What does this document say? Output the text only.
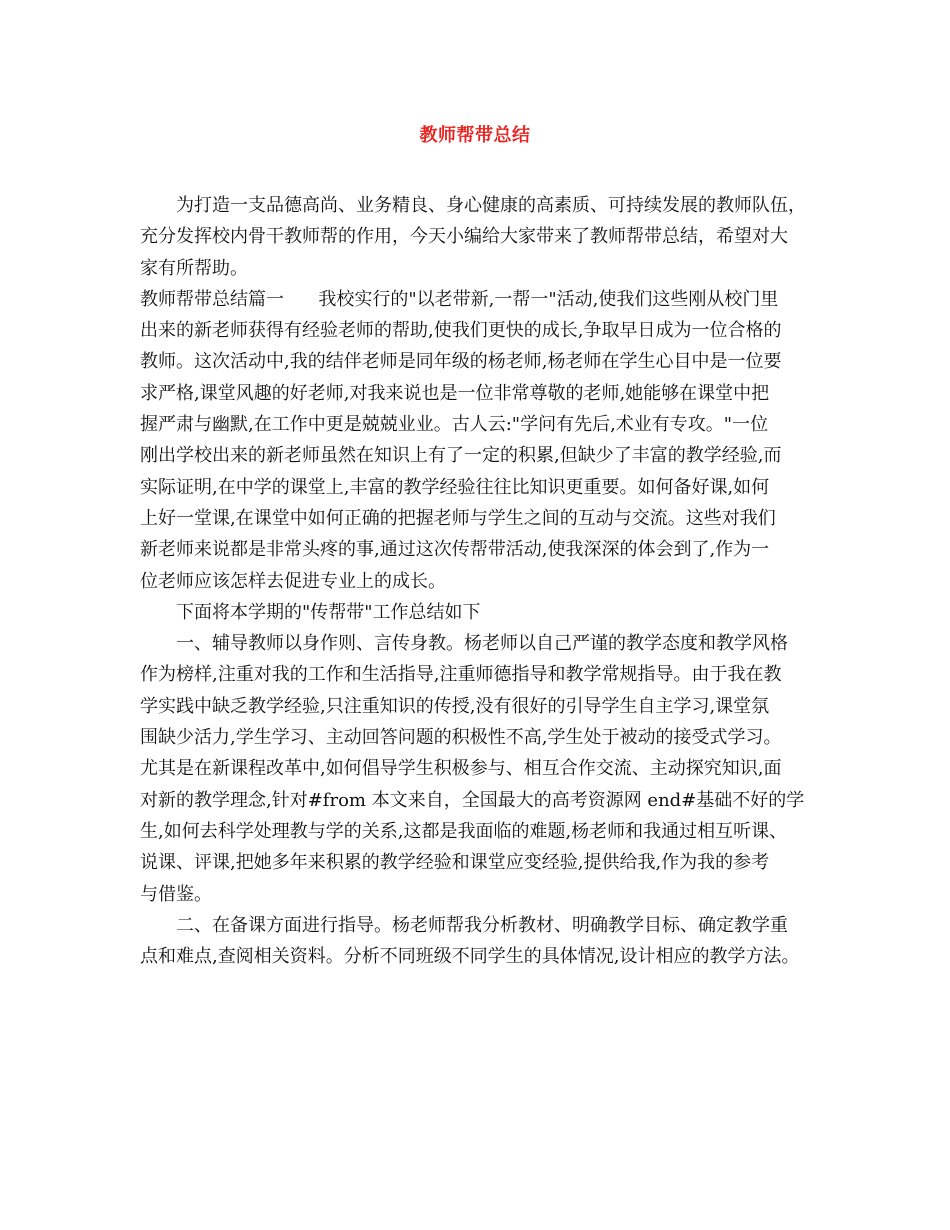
教师帮带总结
为打造一支品德高尚、业务精良、身心健康的高素质、可持续发展的教师队伍，
充分发挥校内骨干教师帮的作用，今天小编给大家带来了教师帮带总结，希望对大
家有所帮助。
教师帮带总结篇一      我校实行的"以老带新,一帮一"活动,使我们这些刚从校门里
出来的新老师获得有经验老师的帮助,使我们更快的成长,争取早日成为一位合格的
教师。这次活动中,我的结伴老师是同年级的杨老师,杨老师在学生心目中是一位要
求严格,课堂风趣的好老师,对我来说也是一位非常尊敬的老师,她能够在课堂中把
握严肃与幽默,在工作中更是兢兢业业。古人云:"学问有先后,术业有专攻。"一位
刚出学校出来的新老师虽然在知识上有了一定的积累,但缺少了丰富的教学经验,而
实际证明,在中学的课堂上,丰富的教学经验往往比知识更重要。如何备好课,如何
上好一堂课,在课堂中如何正确的把握老师与学生之间的互动与交流。这些对我们
新老师来说都是非常头疼的事,通过这次传帮带活动,使我深深的体会到了,作为一
位老师应该怎样去促进专业上的成长。
下面将本学期的"传帮带"工作总结如下
一、辅导教师以身作则、言传身教。杨老师以自己严谨的教学态度和教学风格
作为榜样,注重对我的工作和生活指导,注重师德指导和教学常规指导。由于我在教
学实践中缺乏教学经验,只注重知识的传授,没有很好的引导学生自主学习,课堂氛
围缺少活力,学生学习、主动回答问题的积极性不高,学生处于被动的接受式学习。
尤其是在新课程改革中,如何倡导学生积极参与、相互合作交流、主动探究知识,面
对新的教学理念,针对#from 本文来自，全国最大的高考资源网 end#基础不好的学
生,如何去科学处理教与学的关系,这都是我面临的难题,杨老师和我通过相互听课、
说课、评课,把她多年来积累的教学经验和课堂应变经验,提供给我,作为我的参考
与借鉴。
二、在备课方面进行指导。杨老师帮我分析教材、明确教学目标、确定教学重
点和难点,查阅相关资料。分析不同班级不同学生的具体情况,设计相应的教学方法。
